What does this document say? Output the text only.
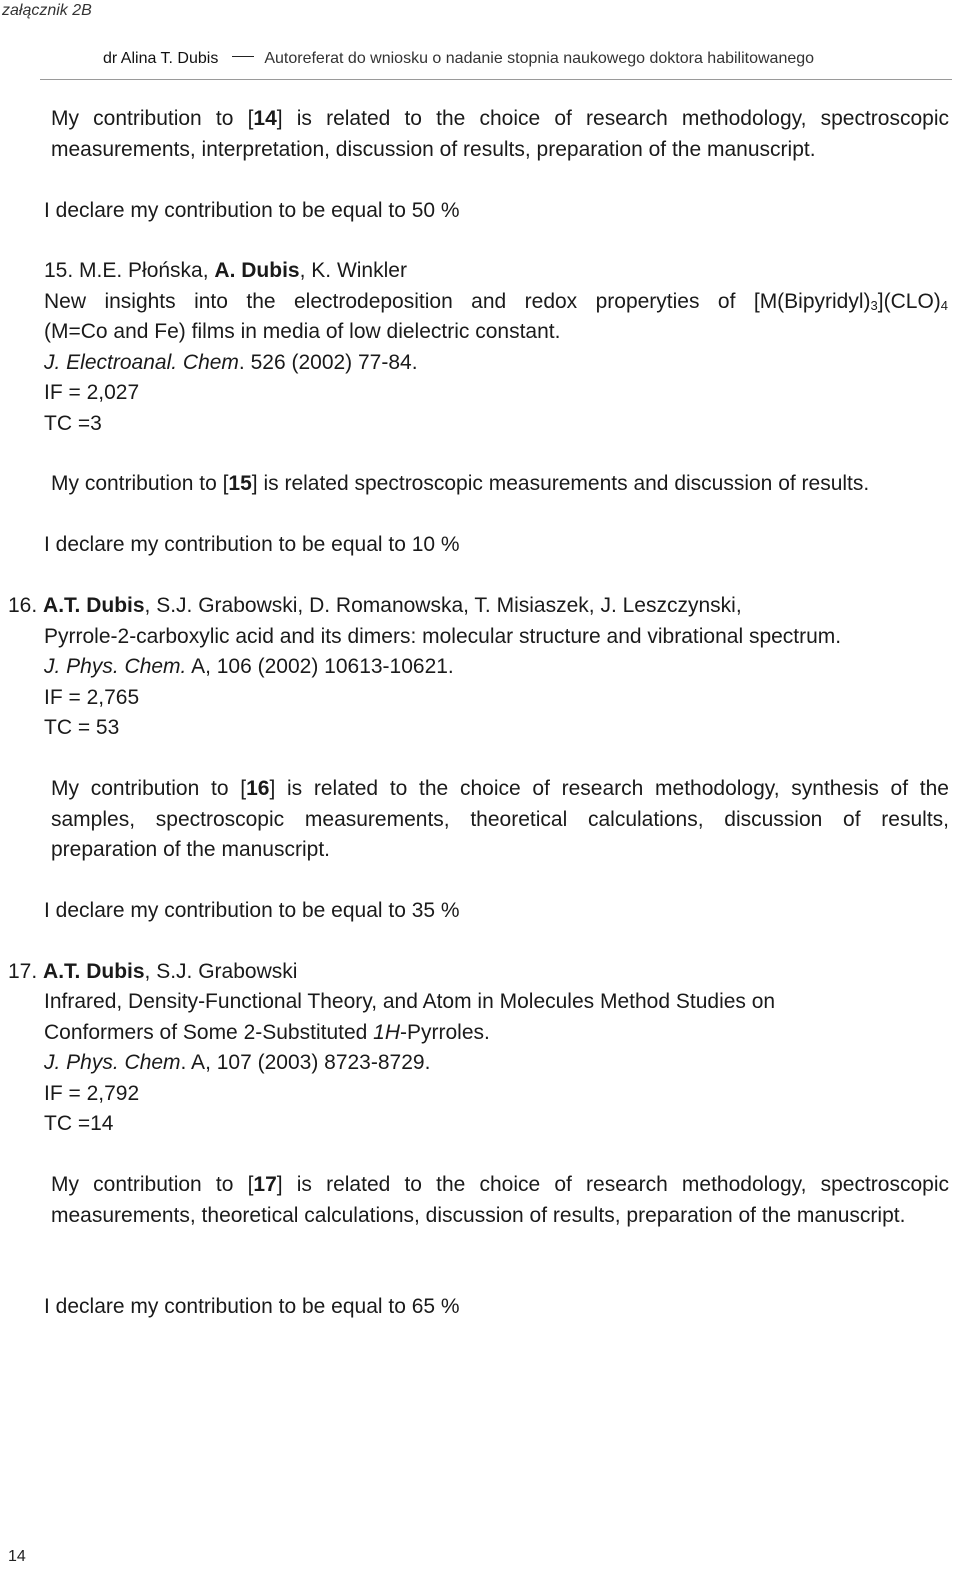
załącznik 2B
dr Alina T. Dubis	Autoreferat do wniosku o nadanie stopnia naukowego doktora habilitowanego
My contribution to [14] is related to the choice of research methodology, spectroscopic measurements, interpretation, discussion of results, preparation of the manuscript.
I declare my contribution to be equal to 50 %
15. M.E. Płońska, A. Dubis, K. Winkler
New insights into the electrodeposition and redox properyties of $[M(Bipyridyl)_3](CLO)_4$
(M=Co and Fe) films in media of low dielectric constant.
J. Electroanal. Chem. 526 (2002) 77-84.
IF = 2,027
TC =3
My contribution to [15] is related spectroscopic measurements and discussion of results.
I declare my contribution to be equal to 10 %
16. A.T. Dubis, S.J. Grabowski, D. Romanowska, T. Misiaszek, J. Leszczynski,
Pyrrole-2-carboxylic acid and its dimers: molecular structure and vibrational spectrum.
J. Phys. Chem. A, 106 (2002) 10613-10621.
IF = 2,765
TC = 53
My contribution to [16] is related to the choice of research methodology, synthesis of the samples, spectroscopic measurements, theoretical calculations, discussion of results, preparation of the manuscript.
I declare my contribution to be equal to 35 %
17. A.T. Dubis, S.J. Grabowski
Infrared, Density-Functional Theory, and Atom in Molecules Method Studies on
Conformers of Some 2-Substituted 1H-Pyrroles.
J. Phys. Chem. A, 107 (2003) 8723-8729.
IF = 2,792
TC =14
My contribution to [17] is related to the choice of research methodology, spectroscopic measurements, theoretical calculations, discussion of results, preparation of the manuscript.
I declare my contribution to be equal to 65 %
14
